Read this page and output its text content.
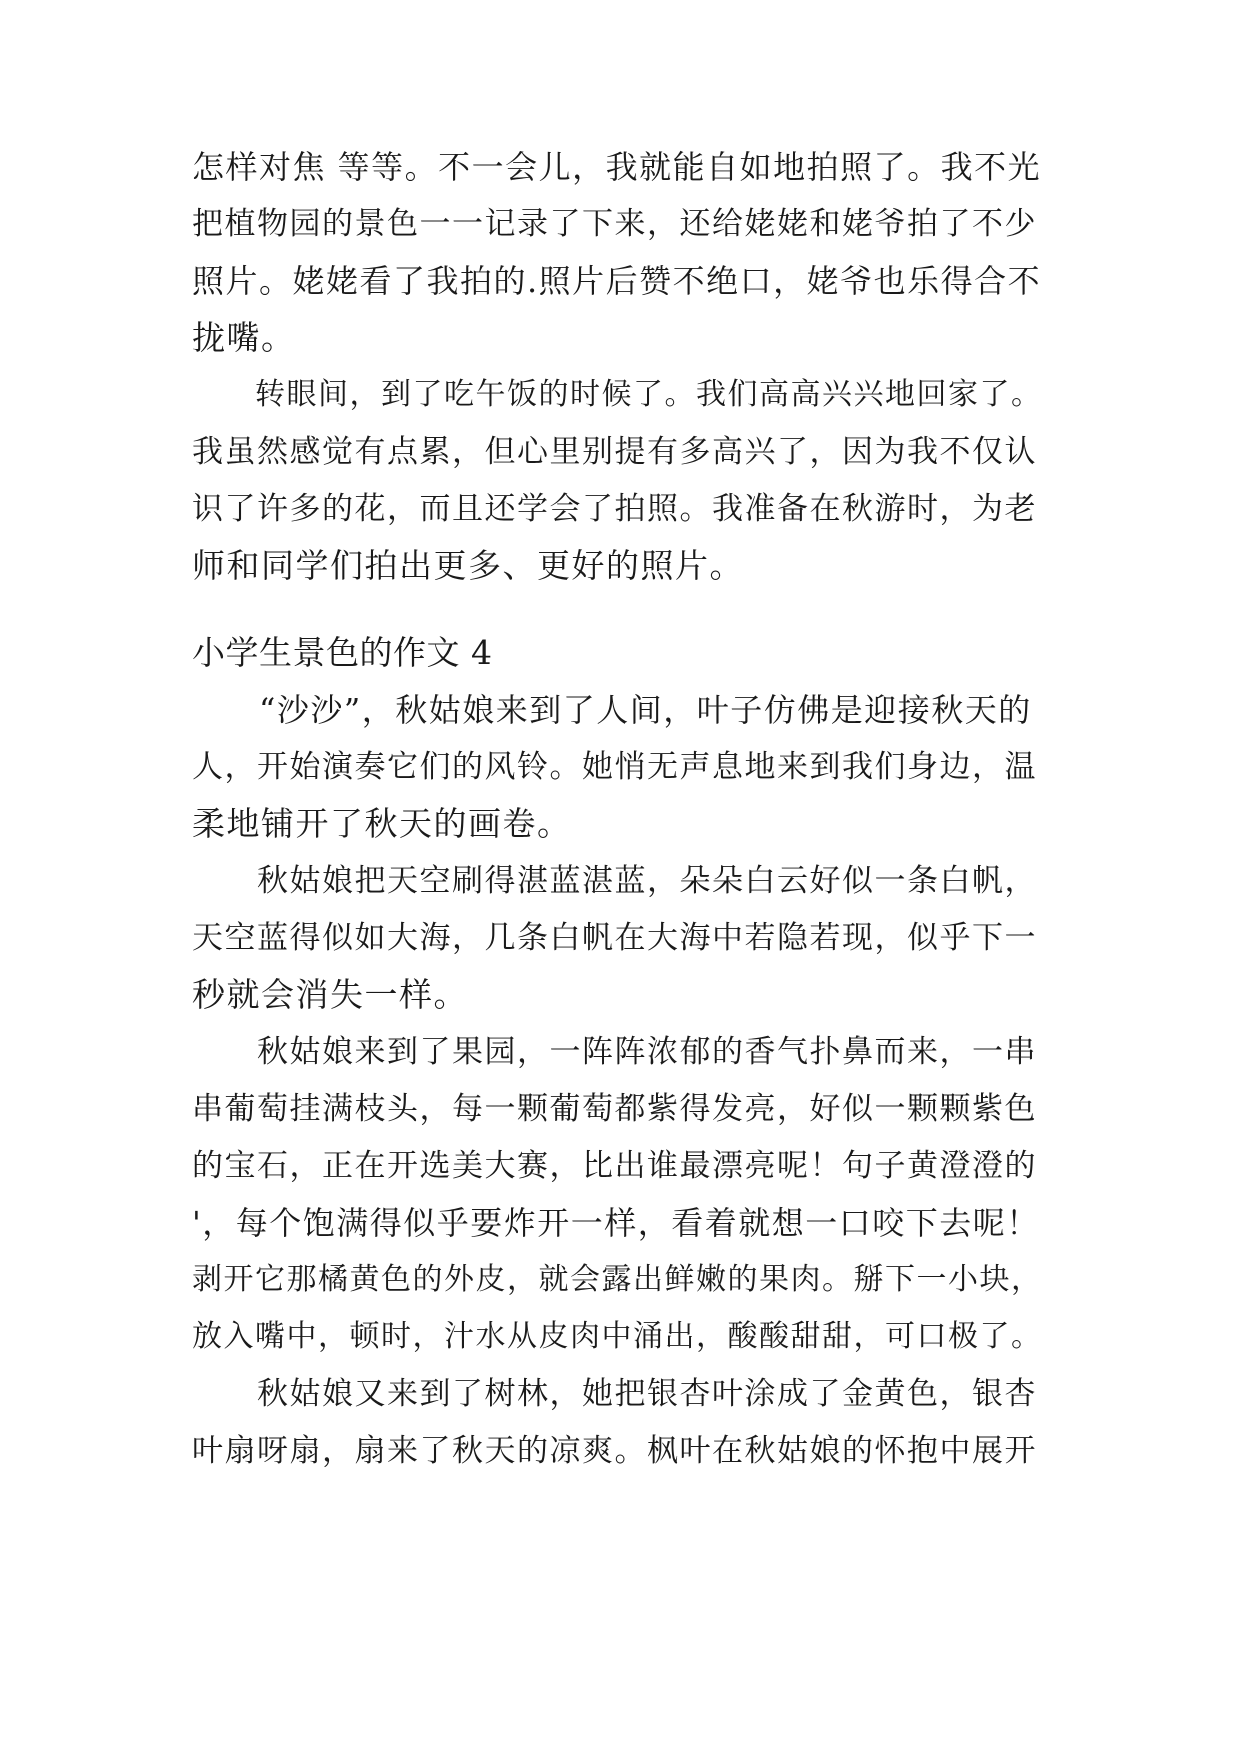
怎样对焦 等等。不一会儿，我就能自如地拍照了。我不光
把植物园的景色一一记录了下来，还给姥姥和姥爷拍了不少
照片。姥姥看了我拍的.照片后赞不绝口，姥爷也乐得合不
拢嘴。
　　转眼间，到了吃午饭的时候了。我们高高兴兴地回家了。
我虽然感觉有点累，但心里别提有多高兴了，因为我不仅认
识了许多的花，而且还学会了拍照。我准备在秋游时，为老
师和同学们拍出更多、更好的照片。
小学生景色的作文 4
　　“沙沙”，秋姑娘来到了人间，叶子仿佛是迎接秋天的
人，开始演奏它们的风铃。她悄无声息地来到我们身边，温
柔地铺开了秋天的画卷。
　　秋姑娘把天空刷得湛蓝湛蓝，朵朵白云好似一条白帆，
天空蓝得似如大海，几条白帆在大海中若隐若现，似乎下一
秒就会消失一样。
　　秋姑娘来到了果园，一阵阵浓郁的香气扑鼻而来，一串
串葡萄挂满枝头，每一颗葡萄都紫得发亮，好似一颗颗紫色
的宝石，正在开选美大赛，比出谁最漂亮呢！句子黄澄澄的
'，每个饱满得似乎要炸开一样，看着就想一口咬下去呢！
剥开它那橘黄色的外皮，就会露出鲜嫩的果肉。掰下一小块，
放入嘴中，顿时，汁水从皮肉中涌出，酸酸甜甜，可口极了。
　　秋姑娘又来到了树林，她把银杏叶涂成了金黄色，银杏
叶扇呀扇，扇来了秋天的凉爽。枫叶在秋姑娘的怀抱中展开
